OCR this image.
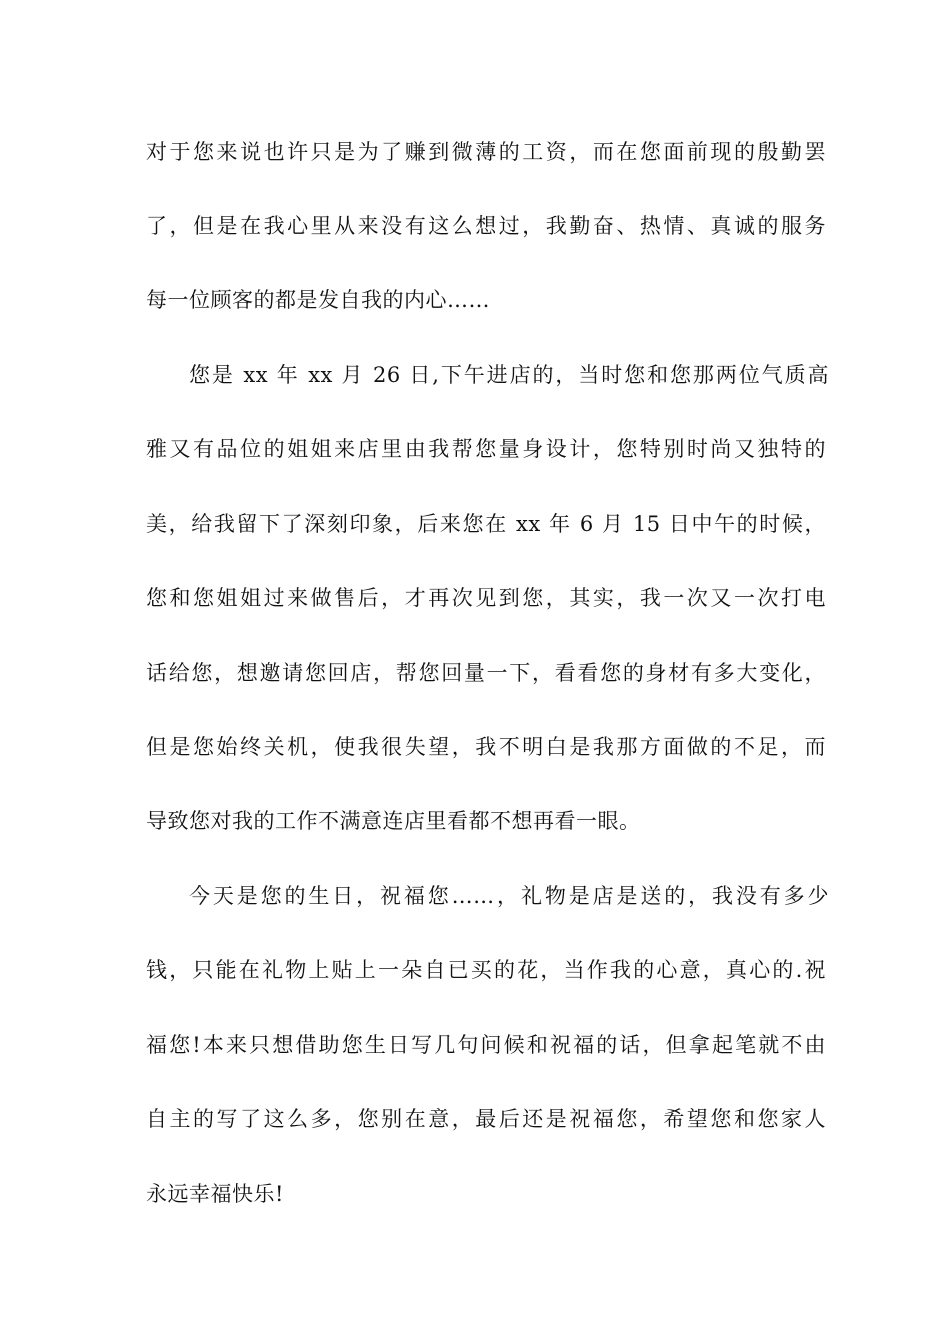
对于您来说也许只是为了赚到微薄的工资，而在您面前现的殷勤罢
了，但是在我心里从来没有这么想过，我勤奋、热情、真诚的服务
每一位顾客的都是发自我的内心……
您是 xx 年 xx 月 26 日,下午进店的，当时您和您那两位气质高
雅又有品位的姐姐来店里由我帮您量身设计，您特别时尚又独特的
美，给我留下了深刻印象，后来您在 xx 年 6 月 15 日中午的时候，
您和您姐姐过来做售后，才再次见到您，其实，我一次又一次打电
话给您，想邀请您回店，帮您回量一下，看看您的身材有多大变化，
但是您始终关机，使我很失望，我不明白是我那方面做的不足，而
导致您对我的工作不满意连店里看都不想再看一眼。
今天是您的生日，祝福您……，礼物是店是送的，我没有多少
钱，只能在礼物上贴上一朵自已买的花，当作我的心意，真心的.祝
福您!本来只想借助您生日写几句问候和祝福的话，但拿起笔就不由
自主的写了这么多，您别在意，最后还是祝福您，希望您和您家人
永远幸福快乐!
